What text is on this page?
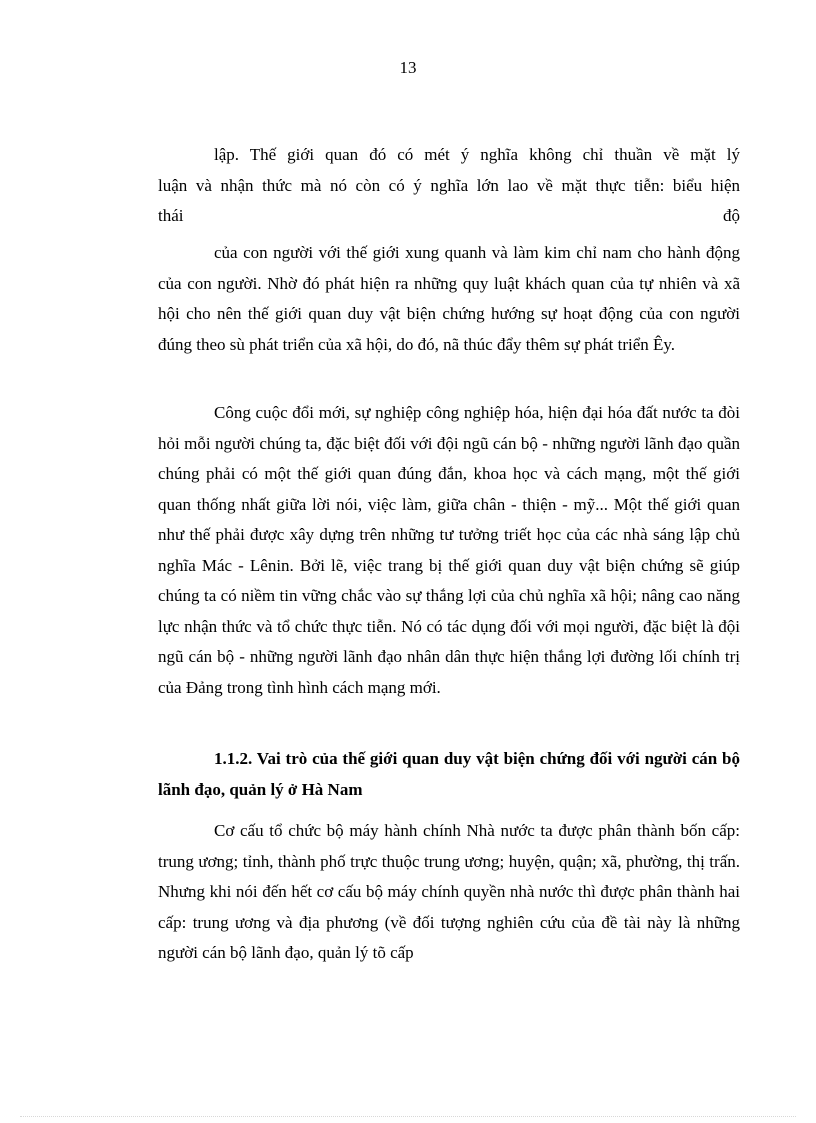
13
lập. Thế giới quan đó có mét ý nghĩa không chỉ thuần về mặt lý
luận và nhận thức mà nó còn có ý nghĩa lớn lao về mặt thực tiễn: biểu hiện
thái	độ
của con người với thế giới xung quanh và làm kim chỉ nam cho hành động của con người. Nhờ đó phát hiện ra những quy luật khách quan của tự nhiên và xã hội cho nên thế giới quan duy vật biện chứng hướng sự hoạt động của con người đúng theo sù phát triển của xã hội, do đó, nã thúc đẩy thêm sự phát triển Êy.
Công cuộc đổi mới, sự nghiệp công nghiệp hóa, hiện đại hóa đất nước ta đòi hỏi mỗi người chúng ta, đặc biệt đối với đội ngũ cán bộ - những người lãnh đạo quần chúng phải có một thế giới quan đúng đắn, khoa học và cách mạng, một thế giới quan thống nhất giữa lời nói, việc làm, giữa chân - thiện - mỹ... Một thế giới quan như thế phải được xây dựng trên những tư tưởng triết học của các nhà sáng lập chủ nghĩa Mác - Lênin. Bởi lẽ, việc trang bị thế giới quan duy vật biện chứng sẽ giúp chúng ta có niềm tin vững chắc vào sự thắng lợi của chủ nghĩa xã hội; nâng cao năng lực nhận thức và tổ chức thực tiễn. Nó có tác dụng đối với mọi người, đặc biệt là đội ngũ cán bộ - những người lãnh đạo nhân dân thực hiện thắng lợi đường lối chính trị của Đảng trong tình hình cách mạng mới.
1.1.2. Vai trò của thế giới quan duy vật biện chứng đối với người cán bộ lãnh đạo, quản lý ở Hà Nam
Cơ cấu tổ chức bộ máy hành chính Nhà nước ta được phân thành bốn cấp: trung ương; tỉnh, thành phố trực thuộc trung ương; huyện, quận; xã, phường, thị trấn. Nhưng khi nói đến hết cơ cấu bộ máy chính quyền nhà nước thì được phân thành hai cấp: trung ương và địa phương (về đối tượng nghiên cứu của đề tài này là những người cán bộ lãnh đạo, quản lý tõ cấp
